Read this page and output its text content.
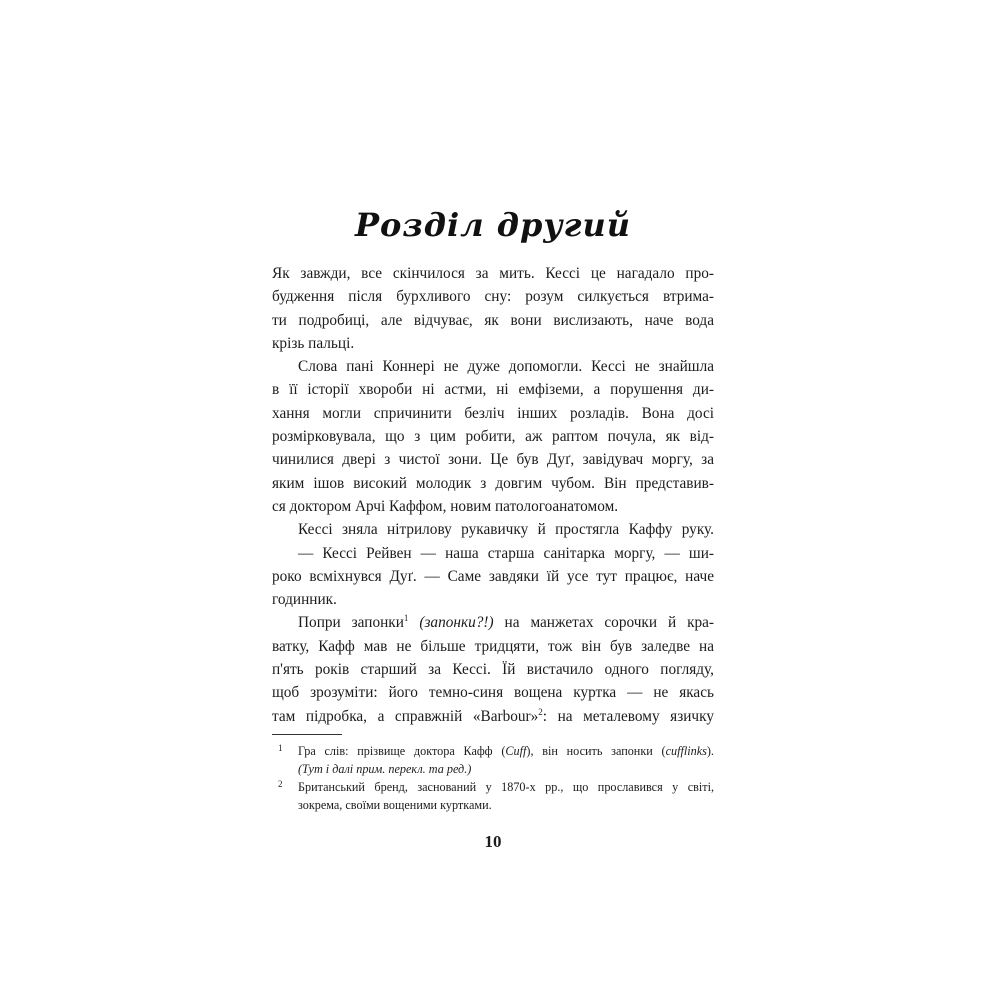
Розділ другий
Як завжди, все скінчилося за мить. Кессі це нагадало про-
будження після бурхливого сну: розум силкується втрима-
ти подробиці, але відчуває, як вони вислизають, наче вода
крізь пальці.
Слова пані Коннері не дуже допомогли. Кессі не знайшла
в її історії хвороби ні астми, ні емфіземи, а порушення ди-
хання могли спричинити безліч інших розладів. Вона досі
розмірковувала, що з цим робити, аж раптом почула, як від-
чинилися двері з чистої зони. Це був Дуґ, завідувач моргу, за
яким ішов високий молодик з довгим чубом. Він представив-
ся доктором Арчі Каффом, новим патологоанатомом.
Кессі зняла нітрилову рукавичку й простягла Каффу руку.
— Кессі Рейвен — наша старша санітарка моргу, — ши-
роко всміхнувся Дуґ. — Саме завдяки їй усе тут працює, наче
годинник.
Попри запонки$^1$ (запонки?!) на манжетах сорочки й кра-
ватку, Кафф мав не більше тридцяти, тож він був заледве на
п'ять років старший за Кессі. Їй вистачило одного погляду,
щоб зрозуміти: його темно-синя вощена куртка — не якась
там підробка, а справжній «Barbour»$^2$: на металевому язичку
1 Гра слів: прізвище доктора Кафф (Cuff), він носить запонки (cufflinks).
(Тут і далі прим. перекл. та ред.)
2 Британський бренд, заснований у 1870-х рр., що прославився у світі,
зокрема, своїми вощеними куртками.
10
